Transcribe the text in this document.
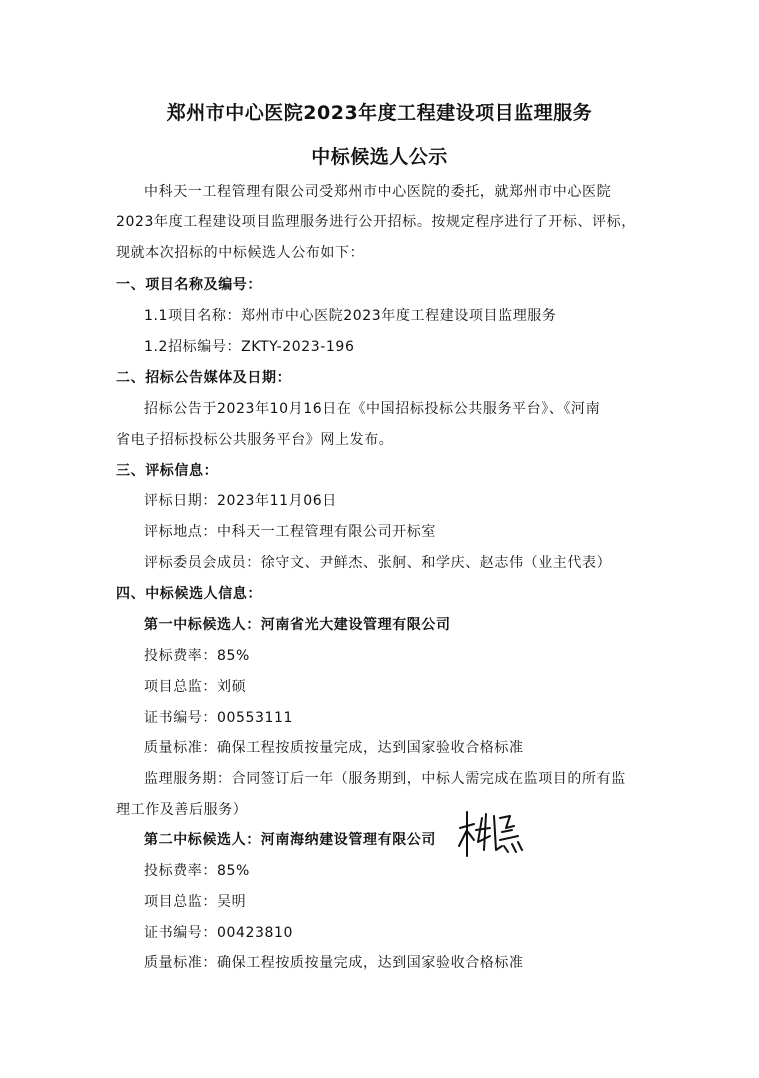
郑州市中心医院2023年度工程建设项目监理服务
中标候选人公示
中科天一工程管理有限公司受郑州市中心医院的委托，就郑州市中心医院
2023年度工程建设项目监理服务进行公开招标。按规定程序进行了开标、评标，
现就本次招标的中标候选人公布如下：
一、项目名称及编号：
1.1项目名称：郑州市中心医院2023年度工程建设项目监理服务
1.2招标编号：ZKTY-2023-196
二、招标公告媒体及日期：
招标公告于2023年10月16日在《中国招标投标公共服务平台》、《河南
省电子招标投标公共服务平台》网上发布。
三、评标信息：
评标日期：2023年11月06日
评标地点：中科天一工程管理有限公司开标室
评标委员会成员：徐守文、尹鲜杰、张舸、和学庆、赵志伟（业主代表）
四、中标候选人信息：
第一中标候选人：河南省光大建设管理有限公司
投标费率：85%
项目总监：刘硕
证书编号：00553111
质量标准：确保工程按质按量完成，达到国家验收合格标准
监理服务期：合同签订后一年（服务期到，中标人需完成在监项目的所有监
理工作及善后服务）
第二中标候选人：河南海纳建设管理有限公司
投标费率：85%
项目总监：吴明
证书编号：00423810
质量标准：确保工程按质按量完成，达到国家验收合格标准
